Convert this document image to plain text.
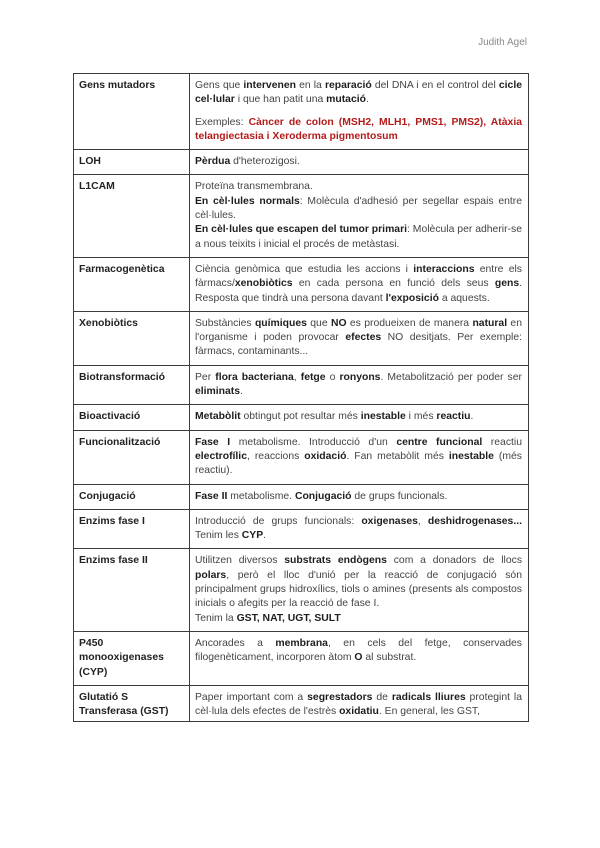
Judith Agel
Gens mutadors	Gens que intervenen en la reparació del DNA i en el control del cicle cel·lular i que han patit una mutació.
Exemples: Càncer de colon (MSH2, MLH1, PMS1, PMS2), Atàxia telangiectasia i Xeroderma pigmentosum
LOH	Pèrdua d'heterozigosi.
L1CAM	Proteïna transmembrana.
En cèl·lules normals: Molècula d'adhesió per segellar espais entre cèl·lules.
En cèl·lules que escapen del tumor primari: Molècula per adherir-se a nous teixits i inicial el procés de metàstasi.

Farmacogenètica	Ciència genòmica que estudia les accions i interaccions entre els fàrmacs/xenobiòtics en cada persona en funció dels seus gens. Resposta que tindrà una persona davant l'exposició a aquests.
Xenobiòtics	Substàncies químiques que NO es produeixen de manera natural en l'organisme i poden provocar efectes NO desitjats. Per exemple: fàrmacs, contaminants...
Biotransformació	Per flora bacteriana, fetge o ronyons. Metabolització per poder ser eliminats.
Bioactivació	Metabòlit obtingut pot resultar més inestable i més reactiu.
Funcionalització	Fase I metabolisme. Introducció d'un centre funcional reactiu electrofílic, reaccions oxidació. Fan metabòlit més inestable (més reactiu).
Conjugació	Fase II metabolisme. Conjugació de grups funcionals.
Enzims fase I	Introducció de grups funcionals: oxigenases, deshidrogenases... Tenim les CYP.
Enzims fase II	Utilitzen diversos substrats endògens com a donadors de llocs polars, però el lloc d'unió per la reacció de conjugació són principalment grups hidroxílics, tiols o amines (presents als compostos inicials o afegits per la reacció de fase I.
Tenim la GST, NAT, UGT, SULT

P450 monooxigenases (CYP)	Ancorades a membrana, en cels del fetge, conservades filogenèticament, incorporen àtom O al substrat.
Glutatió S Transferasa (GST)	Paper important com a segrestadors de radicals lliures protegint la cèl·lula dels efectes de l'estrès oxidatiu. En general, les GST,
